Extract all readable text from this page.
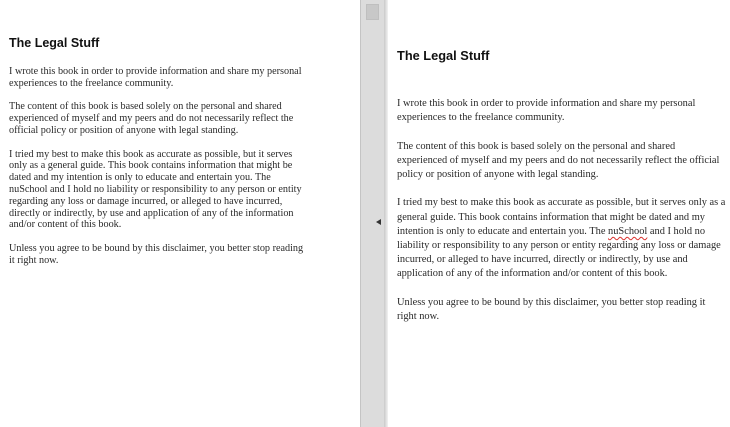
The Legal Stuff

I wrote this book in order to provide information and share my personal experiences to the freelance community.

The content of this book is based solely on the personal and shared experienced of myself and my peers and do not necessarily reflect the official policy or position of anyone with legal standing.

I tried my best to make this book as accurate as possible, but it serves only as a general guide. This book contains information that might be dated and my intention is only to educate and entertain you. The nuSchool and I hold no liability or responsibility to any person or entity regarding any loss or damage incurred, or alleged to have incurred, directly or indirectly, by use and application of any of the information and/or content of this book.

Unless you agree to be bound by this disclaimer, you better stop reading it right now.

The Legal Stuff

I wrote this book in order to provide information and share my personal experiences to the freelance community.

The content of this book is based solely on the personal and shared experienced of myself and my peers and do not necessarily reflect the official policy or position of anyone with legal standing.

I tried my best to make this book as accurate as possible, but it serves only as a general guide. This book contains information that might be dated and my intention is only to educate and entertain you. The nuSchool and I hold no liability or responsibility to any person or entity regarding any loss or damage incurred, or alleged to have incurred, directly or indirectly, by use and application of any of the information and/or content of this book.

Unless you agree to be bound by this disclaimer, you better stop reading it right now.
